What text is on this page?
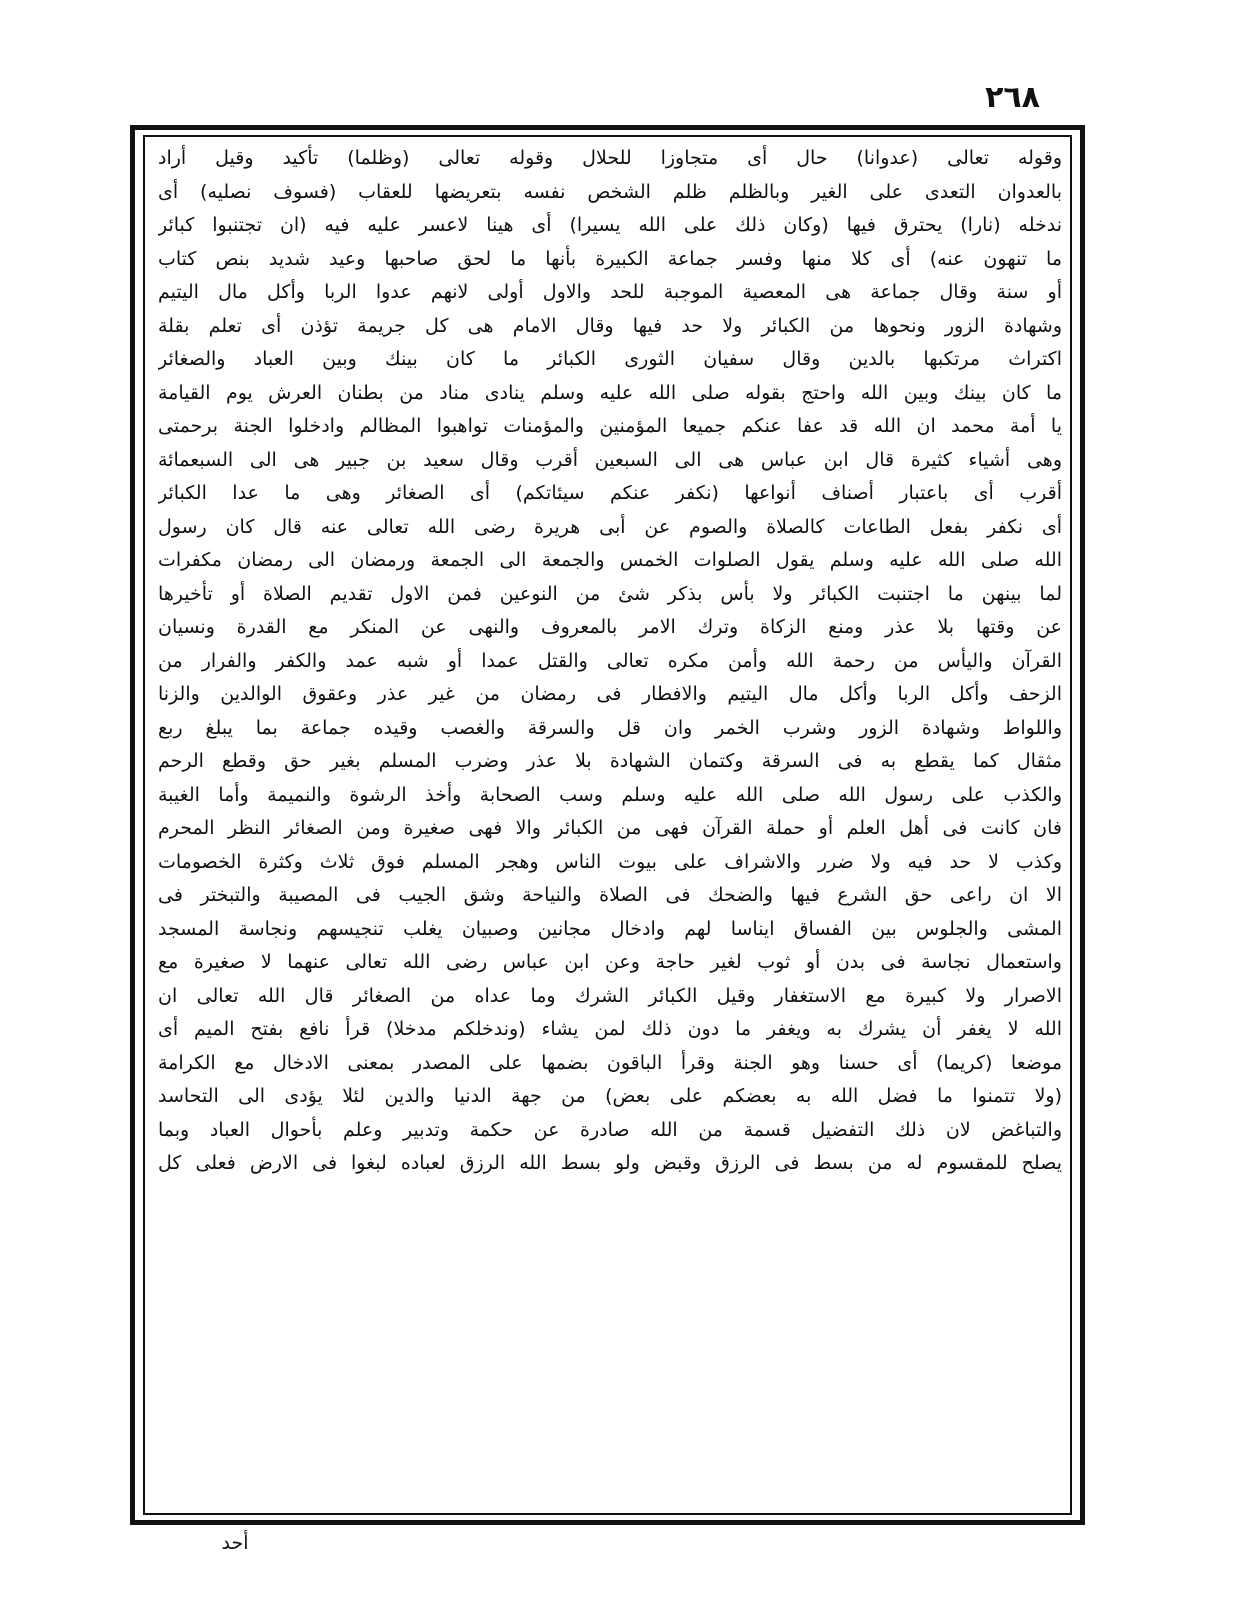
٢٦٨
وقوله تعالى (عدوانا) حال أى متجاوزا للحلال وقوله تعالى (وظلما) تأكيد وقيل أراد
بالعدوان التعدى على الغير وبالظلم ظلم الشخص نفسه بتعريضها للعقاب (فسوف نصليه) أى
ندخله (نارا) يحترق فيها (وكان ذلك على الله يسيرا) أى هينا لاعسر عليه فيه (ان تجتنبوا كبائر
ما تنهون عنه) أى كلا منها وفسر جماعة الكبيرة بأنها ما لحق صاحبها وعيد شديد بنص كتاب
أو سنة وقال جماعة هى المعصية الموجبة للحد والاول أولى لانهم عدوا الربا وأكل مال اليتيم
وشهادة الزور ونحوها من الكبائر ولا حد فيها وقال الامام هى كل جريمة تؤذن أى تعلم بقلة
اكتراث مرتكبها بالدين وقال سفيان الثورى الكبائر ما كان بينك وبين العباد والصغائر
ما كان بينك وبين الله واحتج بقوله صلى الله عليه وسلم ينادى مناد من بطنان العرش يوم القيامة
يا أمة محمد ان الله قد عفا عنكم جميعا المؤمنين والمؤمنات تواهبوا المظالم وادخلوا الجنة برحمتى
وهى أشياء كثيرة قال ابن عباس هى الى السبعين أقرب وقال سعيد بن جبير هى الى السبعمائة
أقرب أى باعتبار أصناف أنواعها (نكفر عنكم سيئاتكم) أى الصغائر وهى ما عدا الكبائر
أى نكفر بفعل الطاعات كالصلاة والصوم عن أبى هريرة رضى الله تعالى عنه قال كان رسول
الله صلى الله عليه وسلم يقول الصلوات الخمس والجمعة الى الجمعة ورمضان الى رمضان مكفرات
لما بينهن ما اجتنبت الكبائر ولا بأس بذكر شئ من النوعين فمن الاول تقديم الصلاة أو تأخيرها
عن وقتها بلا عذر ومنع الزكاة وترك الامر بالمعروف والنهى عن المنكر مع القدرة ونسيان
القرآن واليأس من رحمة الله وأمن مكره تعالى والقتل عمدا أو شبه عمد والكفر والفرار من
الزحف وأكل الربا وأكل مال اليتيم والافطار فى رمضان من غير عذر وعقوق الوالدين والزنا
واللواط وشهادة الزور وشرب الخمر وان قل والسرقة والغصب وقيده جماعة بما يبلغ ربع
مثقال كما يقطع به فى السرقة وكتمان الشهادة بلا عذر وضرب المسلم بغير حق وقطع الرحم
والكذب على رسول الله صلى الله عليه وسلم وسب الصحابة وأخذ الرشوة والنميمة وأما الغيبة
فان كانت فى أهل العلم أو حملة القرآن فهى من الكبائر والا فهى صغيرة ومن الصغائر النظر المحرم
وكذب لا حد فيه ولا ضرر والاشراف على بيوت الناس وهجر المسلم فوق ثلاث وكثرة الخصومات
الا ان راعى حق الشرع فيها والضحك فى الصلاة والنياحة وشق الجيب فى المصيبة والتبختر فى
المشى والجلوس بين الفساق ايناسا لهم وادخال مجانين وصبيان يغلب تنجيسهم ونجاسة المسجد
واستعمال نجاسة فى بدن أو ثوب لغير حاجة وعن ابن عباس رضى الله تعالى عنهما لا صغيرة مع
الاصرار ولا كبيرة مع الاستغفار وقيل الكبائر الشرك وما عداه من الصغائر قال الله تعالى ان
الله لا يغفر أن يشرك به ويغفر ما دون ذلك لمن يشاء (وندخلكم مدخلا) قرأ نافع بفتح الميم أى
موضعا (كريما) أى حسنا وهو الجنة وقرأ الباقون بضمها على المصدر بمعنى الادخال مع الكرامة
(ولا تتمنوا ما فضل الله به بعضكم على بعض) من جهة الدنيا والدين لئلا يؤدى الى التحاسد
والتباغض لان ذلك التفضيل قسمة من الله صادرة عن حكمة وتدبير وعلم بأحوال العباد وبما
يصلح للمقسوم له من بسط فى الرزق وقبض ولو بسط الله الرزق لعباده لبغوا فى الارض فعلى كل
أحد
